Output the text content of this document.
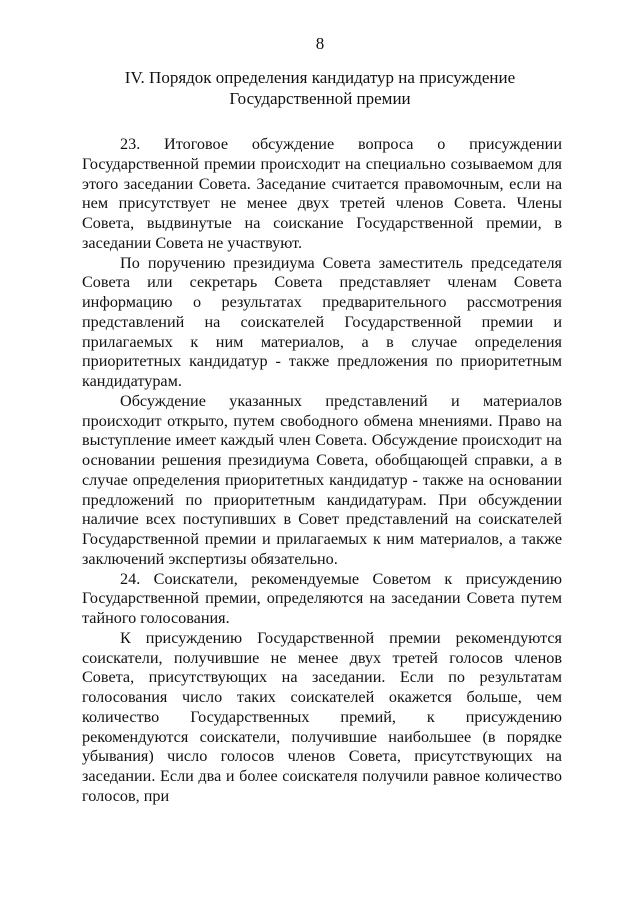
8
IV. Порядок определения кандидатур на присуждение
Государственной премии

23. Итоговое обсуждение вопроса о присуждении Государственной премии происходит на специально созываемом для этого заседании Совета. Заседание считается правомочным, если на нем присутствует не менее двух третей членов Совета. Члены Совета, выдвинутые на соискание Государственной премии, в заседании Совета не участвуют.

По поручению президиума Совета заместитель председателя Совета или секретарь Совета представляет членам Совета информацию о результатах предварительного рассмотрения представлений на соискателей Государственной премии и прилагаемых к ним материалов, а в случае определения приоритетных кандидатур - также предложения по приоритетным кандидатурам.

Обсуждение указанных представлений и материалов происходит открыто, путем свободного обмена мнениями. Право на выступление имеет каждый член Совета. Обсуждение происходит на основании решения президиума Совета, обобщающей справки, а в случае определения приоритетных кандидатур - также на основании предложений по приоритетным кандидатурам. При обсуждении наличие всех поступивших в Совет представлений на соискателей Государственной премии и прилагаемых к ним материалов, а также заключений экспертизы обязательно.

24. Соискатели, рекомендуемые Советом к присуждению Государственной премии, определяются на заседании Совета путем тайного голосования.

К присуждению Государственной премии рекомендуются соискатели, получившие не менее двух третей голосов членов Совета, присутствующих на заседании. Если по результатам голосования число таких соискателей окажется больше, чем количество Государственных премий, к присуждению рекомендуются соискатели, получившие наибольшее (в порядке убывания) число голосов членов Совета, присутствующих на заседании. Если два и более соискателя получили равное количество голосов, при
